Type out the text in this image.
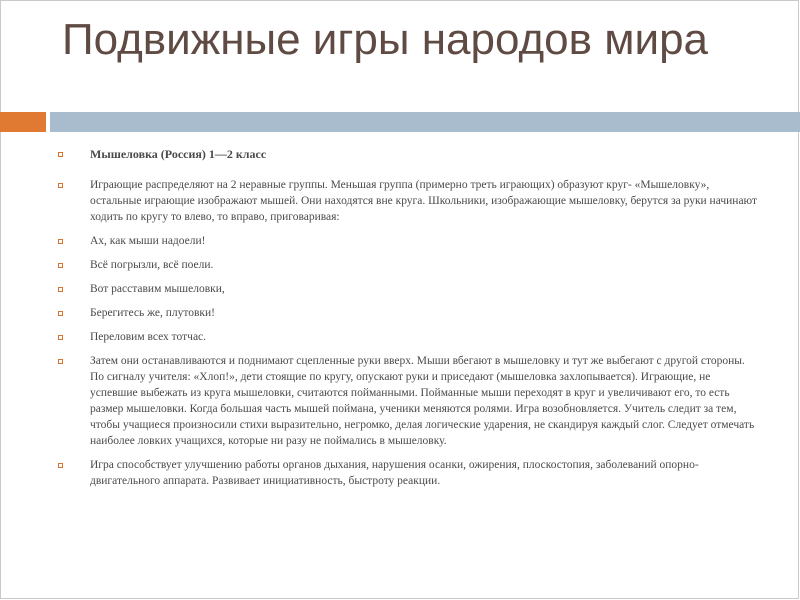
Подвижные игры народов мира
Мышеловка (Россия) 1—2 класс
Играющие распределяют на 2 неравные группы. Меньшая группа (примерно треть играющих) образуют круг- «Мышеловку», остальные играющие изображают мышей. Они находятся вне круга. Школьники, изображающие мышеловку, берутся за руки начинают ходить по кругу то влево, то вправо, приговаривая:
Ах, как мыши надоели!
Всё погрызли, всё поели.
Вот расставим мышеловки,
Берегитесь же, плутовки!
Переловим всех тотчас.
Затем они останавливаются и поднимают сцепленные руки вверх. Мыши вбегают в мышеловку и тут же выбегают с другой стороны. По сигналу учителя: «Хлоп!», дети стоящие по кругу, опускают руки и приседают (мышеловка захлопывается). Играющие, не успевшие выбежать из круга мышеловки, считаются пойманными. Пойманные мыши переходят в круг и увеличивают его, то есть размер мышеловки. Когда большая часть мышей поймана, ученики меняются ролями. Игра возобновляется. Учитель следит за тем, чтобы учащиеся произносили стихи выразительно, негромко, делая логические ударения, не скандируя каждый слог. Следует отмечать наиболее ловких учащихся, которые ни разу не поймались в мышеловку.
Игра способствует улучшению работы органов дыхания, нарушения осанки, ожирения, плоскостопия, заболеваний опорно- двигательного аппарата. Развивает инициативность, быстроту реакции.
